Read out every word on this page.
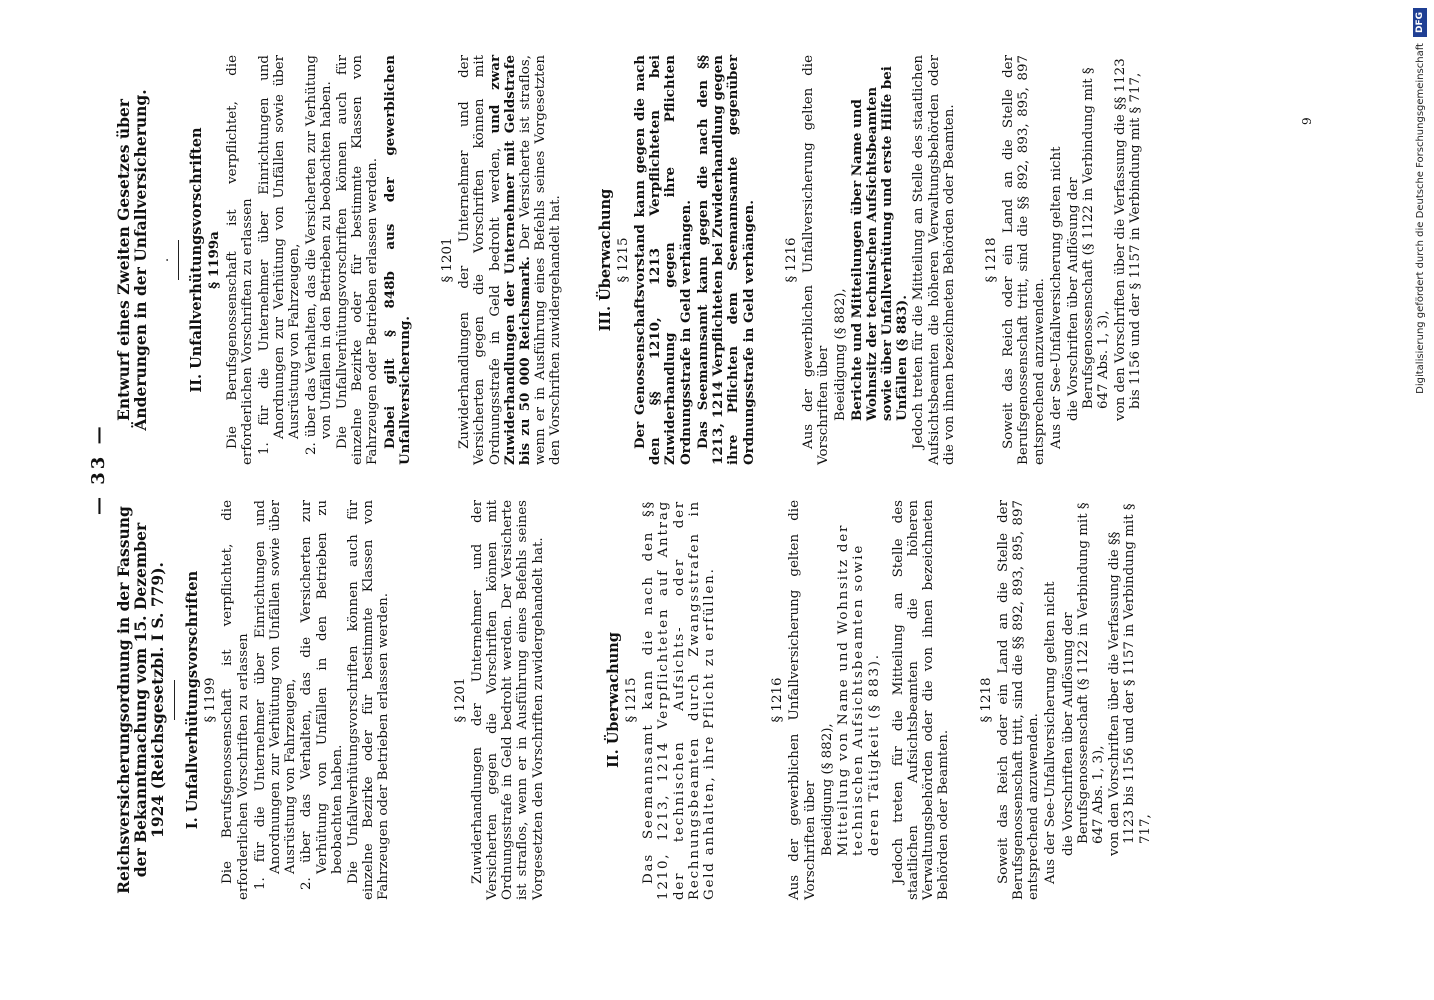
— 33 —
Reichsversicherungsordnung in der Fassung der Bekanntmachung vom 15. Dezember 1924 (Reichsgesetzbl. I S. 779). I. Unfallverhütungsvorschriften § 1199 Die Berufsgenossenschaft ist verpflichtet, die erforderlichen Vorschriften zu erlassen 1. für die Unternehmer über Einrichtungen und Anordnungen zur Verhütung von Unfällen sowie über Ausrüstung von Fahrzeugen, 2. über das Verhalten, das die Versicherten zur Verhütung von Unfällen in den Betrieben zu beobachten haben. Die Unfallverhütungsvorschriften können auch für einzelne Bezirke oder für bestimmte Klassen von Fahrzeugen oder Betrieben erlassen werden.	§ 1201 Zuwiderhandlungen der Unternehmer und der Versicherten gegen die Vorschriften können mit Ordnungsstrafe in Geld bedroht werden. Der Versicherte ist straflos, wenn er in Ausführung eines Befehls seines Vorgesetzten den Vorschriften zuwidergehandelt hat.	II. Überwachung § 1215 Das Seemannsamt kann die nach den §§ 1210, 1213, 1214 Verpflichteten auf Antrag der technischen Aufsichts- oder der Rechnungsbeamten durch Zwangsstrafen in Geld anhalten, ihre Pflicht zu erfüllen.	§ 1216 Aus der gewerblichen Unfallversicherung gelten die Vorschriften über Beeidigung (§ 882), Mitteilung von Name und Wohnsitz der technischen Aufsichtsbeamten sowie deren Tätigkeit (§ 883). Jedoch treten für die Mitteilung an Stelle des staatlichen Aufsichtsbeamten die höheren Verwaltungsbehörden oder die von ihnen bezeichneten Behörden oder Beamten.

§ 1218 Soweit das Reich oder ein Land an die Stelle der Berufsgenossenschaft tritt, sind die §§ 892, 893, 895, 897 entsprechend anzuwenden. Aus der See-Unfallversicherung gelten nicht die Vorschriften über Auflösung der Berufsgenossenschaft (§ 1122 in Verbindung mit § 647 Abs. 1, 3), von den Vorschriften über die Verfassung die §§ 1123 bis 1156 und der § 1157 in Verbindung mit § 717,
Entwurf eines Zweiten Gesetzes über Änderungen in der Unfallversicherung. . II. Unfallverhütungsvorschriften § 1199a Die Berufsgenossenschaft ist verpflichtet, die erforderlichen Vorschriften zu erlassen 1. für die Unternehmer über Einrichtungen und Anordnungen zur Verhütung von Unfällen sowie über Ausrüstung von Fahrzeugen, 2. über das Verhalten, das die Versicherten zur Verhütung von Unfällen in den Betrieben zu beobachten haben. Die Unfallverhütungsvorschriften können auch für einzelne Bezirke oder für bestimmte Klassen von Fahrzeugen oder Betrieben erlassen werden. Dabei gilt § 848b aus der gewerblichen Unfallversicherung.

§ 1201 Zuwiderhandlungen der Unternehmer und der Versicherten gegen die Vorschriften können mit Ordnungsstrafe in Geld bedroht werden, und zwar Zuwiderhandlungen der Unternehmer mit Geldstrafe bis zu 50 000 Reichsmark. Der Versicherte ist straflos, wenn er in Ausführung eines Befehls seines Vorgesetzten den Vorschriften zuwidergehandelt hat. III. Überwachung § 1215 Der Genossenschaftsvorstand kann gegen die nach den §§ 1210, 1213 Verpflichteten bei Zuwiderhandlung gegen ihre Pflichten Ordnungsstrafe in Geld verhängen. Das Seemannsamt kann gegen die nach den §§ 1213, 1214 Verpflichteten bei Zuwiderhandlung gegen ihre Pflichten dem Seemannsamte gegenüber Ordnungsstrafe in Geld verhängen. § 1216 Aus der gewerblichen Unfallversicherung gelten die Vorschriften über Beeidigung (§ 882), Berichte und Mitteilungen über Name und Wohnsitz der technischen Aufsichtsbeamten sowie über Unfallverhütung und erste Hilfe bei Unfällen (§ 883). Jedoch treten für die Mitteilung an Stelle des staatlichen Aufsichtsbeamten die höheren Verwaltungsbehörden oder die von ihnen bezeichneten Behörden oder Beamten. § 1218 Soweit das Reich oder ein Land an die Stelle der Berufsgenossenschaft tritt, sind die §§ 892, 893, 895, 897 entsprechend anzuwenden. Aus der See-Unfallversicherung gelten nicht die Vorschriften über Auflösung der Berufsgenossenschaft (§ 1122 in Verbindung mit § 647 Abs. 1, 3), von den Vorschriften über die Verfassung die §§ 1123 bis 1156 und der § 1157 in Verbindung mit § 717,	9	Digitalisierung gefördert durch die Deutsche Forschungsgemeinschaft
DFG
